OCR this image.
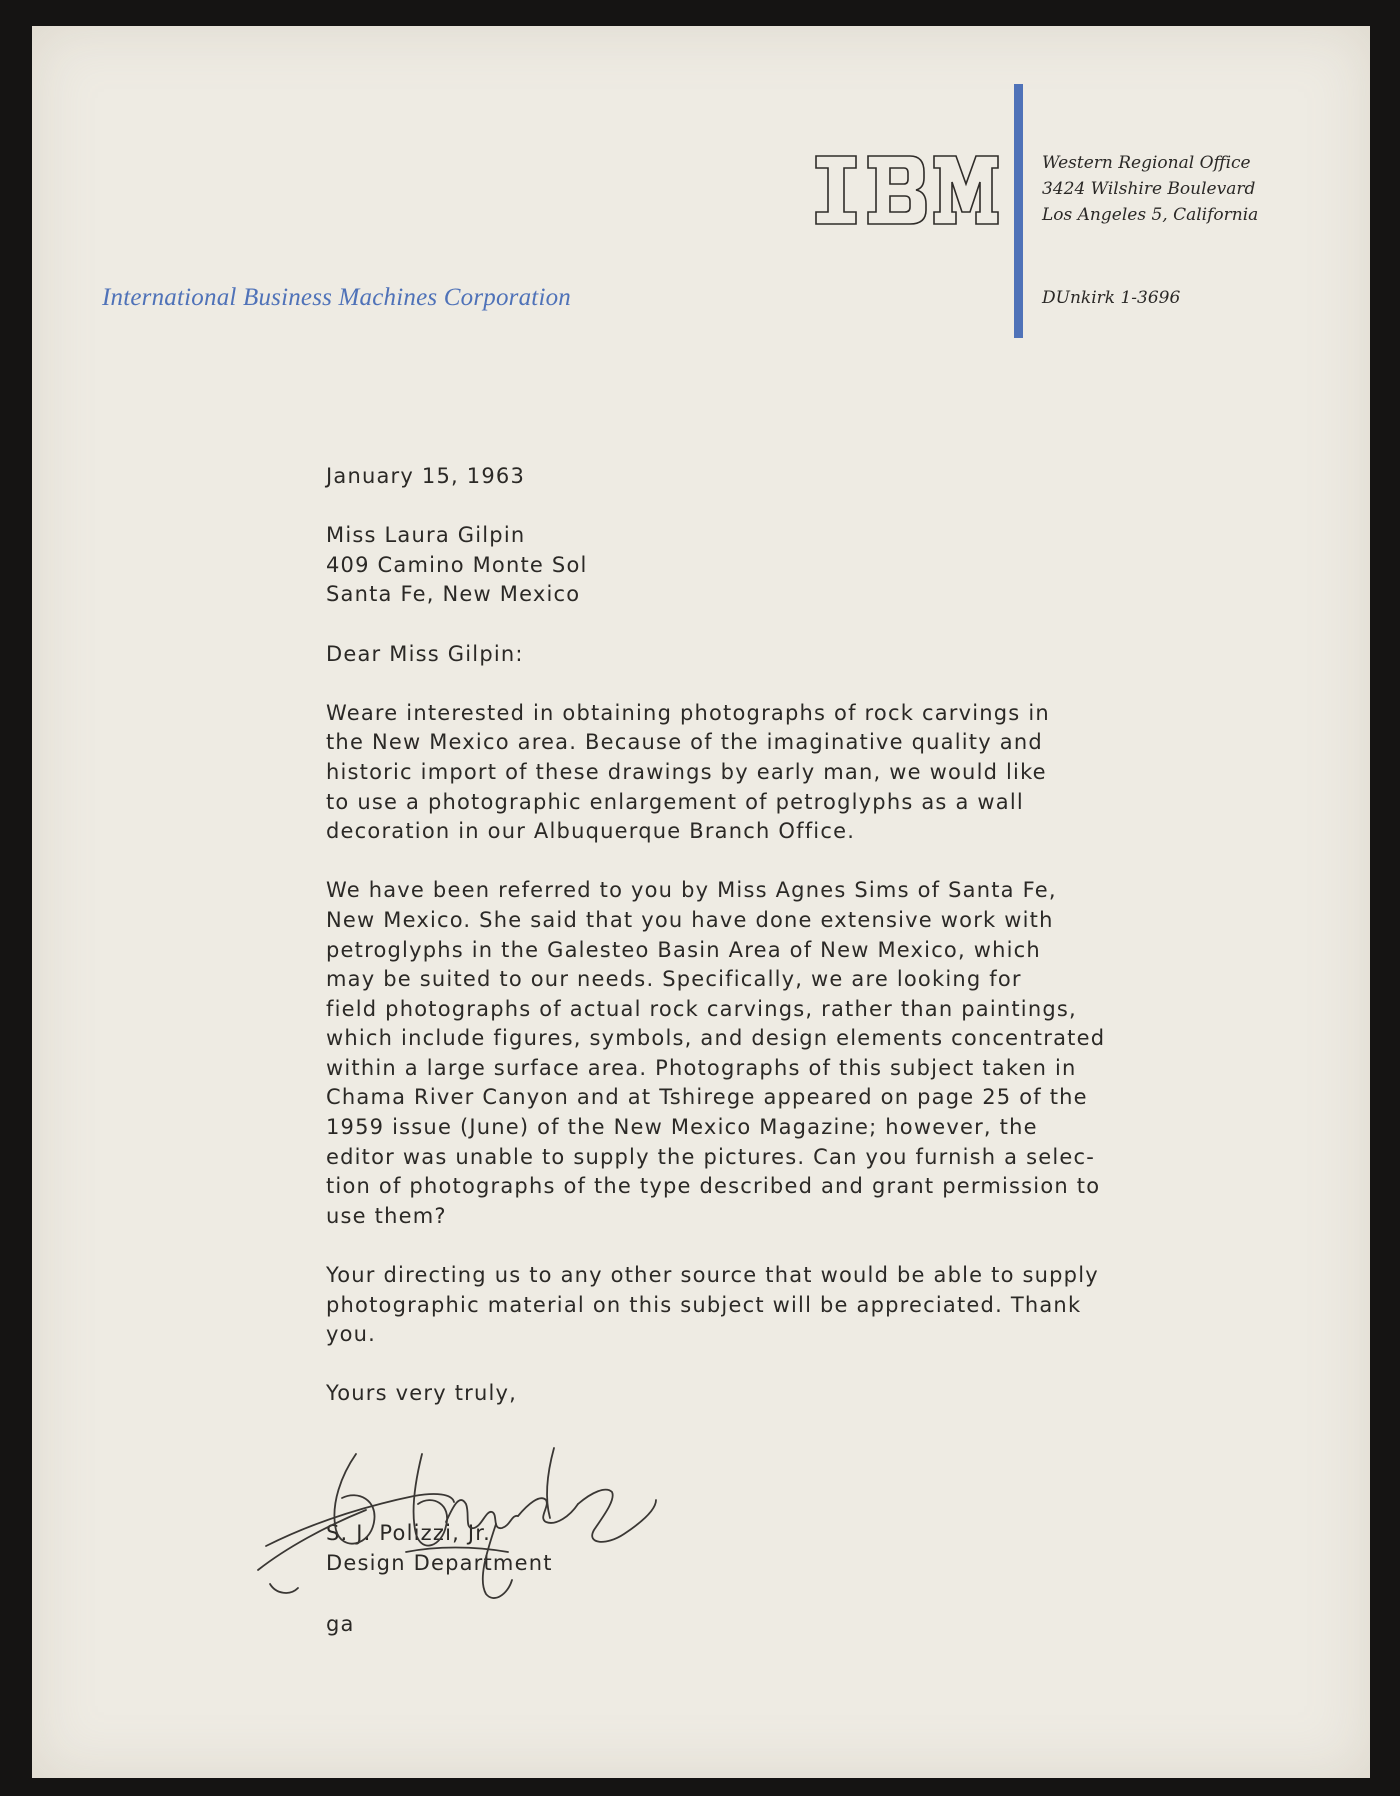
Western Regional Office
3424 Wilshire Boulevard
Los Angeles 5, California
DUnkirk 1-3696
International Business Machines Corporation
January 15, 1963
Miss Laura Gilpin
409 Camino Monte Sol
Santa Fe, New Mexico
Dear Miss Gilpin:
Weare interested in obtaining photographs of rock carvings in
the New Mexico area. Because of the imaginative quality and
historic import of these drawings by early man, we would like
to use a photographic enlargement of petroglyphs as a wall
decoration in our Albuquerque Branch Office.
We have been referred to you by Miss Agnes Sims of Santa Fe,
New Mexico. She said that you have done extensive work with
petroglyphs in the Galesteo Basin Area of New Mexico, which
may be suited to our needs. Specifically, we are looking for
field photographs of actual rock carvings, rather than paintings,
which include figures, symbols, and design elements concentrated
within a large surface area. Photographs of this subject taken in
Chama River Canyon and at Tshirege appeared on page 25 of the
1959 issue (June) of the New Mexico Magazine; however, the
editor was unable to supply the pictures. Can you furnish a selec-
tion of photographs of the type described and grant permission to
use them?
Your directing us to any other source that would be able to supply
photographic material on this subject will be appreciated. Thank
you.
Yours very truly,
S. J. Polizzi, Jr.
Design Department
ga
